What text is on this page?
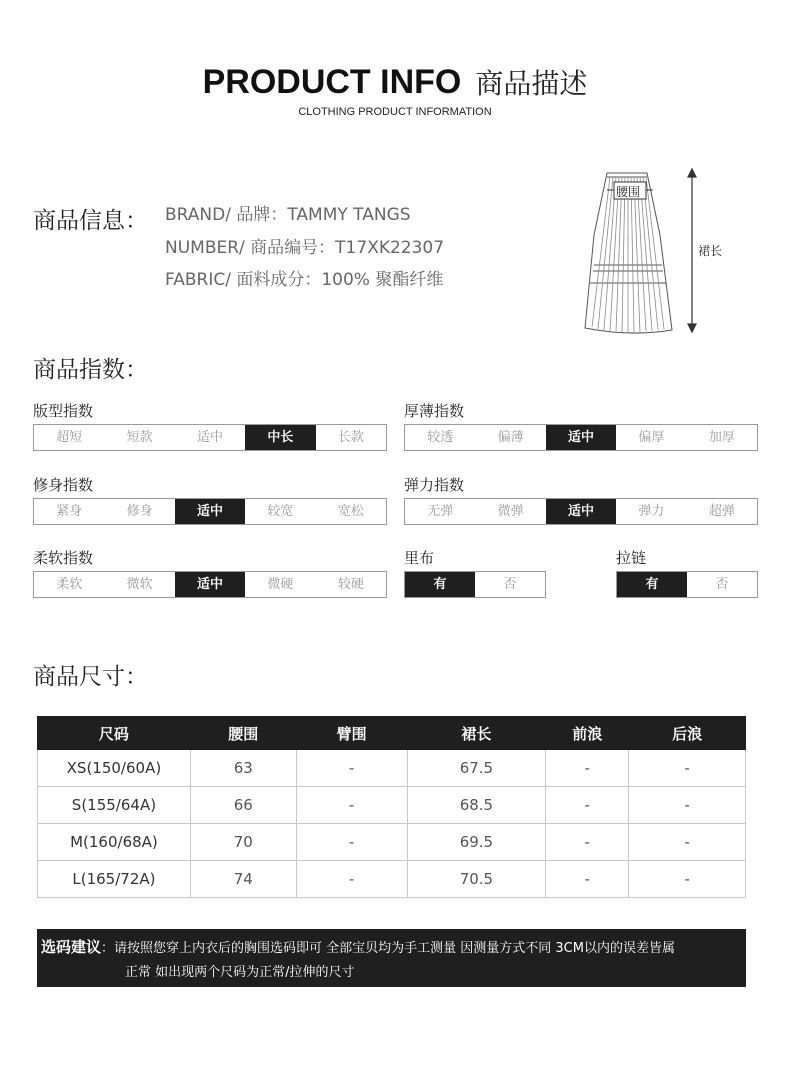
PRODUCT INFO 商品描述
CLOTHING PRODUCT INFORMATION
商品信息： BRAND/ 品牌：TAMMY TANGS
NUMBER/ 商品编号：T17XK22307
FABRIC/ 面料成分：100% 聚酯纤维
腰围
裙长
商品指数：
版型指数
超短	短款	适中	中长	长款
厚薄指数
较透	偏薄	适中	偏厚	加厚
修身指数
紧身	修身	适中	较宽	宽松
弹力指数
无弹	微弹	适中	弹力	超弹
柔软指数
柔软	微软	适中	微硬	较硬
里布
有	否
拉链
有	否
商品尺寸：
尺码	腰围	臂围	裙长	前浪	后浪
XS(150/60A)	63	-	67.5	-	-
S(155/64A)	66	-	68.5	-	-
M(160/68A)	70	-	69.5	-	-
L(165/72A)	74	-	70.5	-	-
选码建议：请按照您穿上内衣后的胸围选码即可 全部宝贝均为手工测量 因测量方式不同 3CM以内的误差皆属
正常 如出现两个尺码为正常/拉伸的尺寸
